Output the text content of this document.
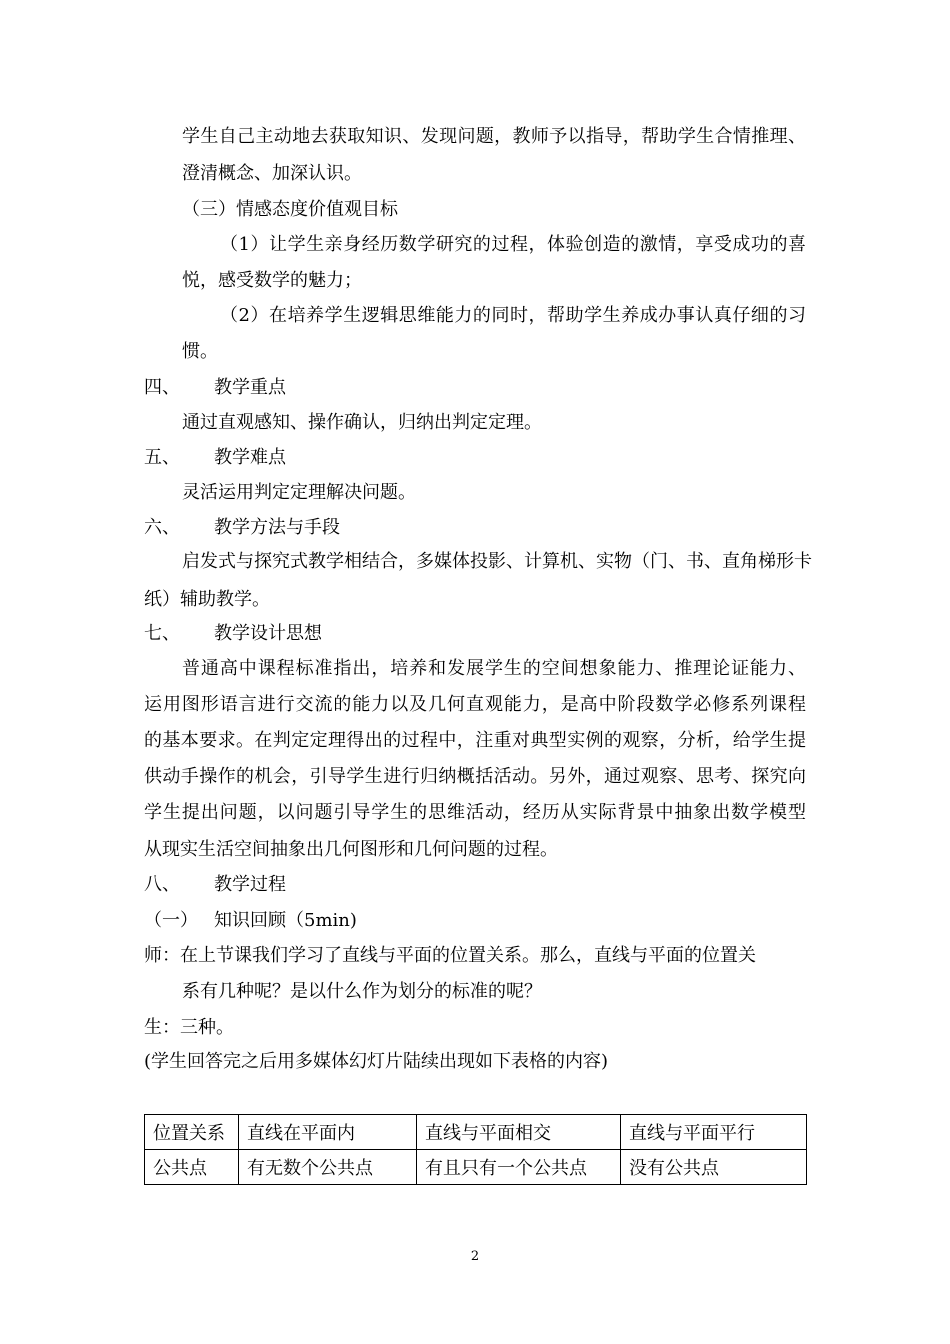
学生自己主动地去获取知识、发现问题，教师予以指导，帮助学生合情推理、
澄清概念、加深认识。
（三）情感态度价值观目标
（1）让学生亲身经历数学研究的过程，体验创造的激情，享受成功的喜
悦，感受数学的魅力；
（2）在培养学生逻辑思维能力的同时，帮助学生养成办事认真仔细的习
惯。
四、 教学重点
通过直观感知、操作确认，归纳出判定定理。
五、 教学难点
灵活运用判定定理解决问题。
六、 教学方法与手段
启发式与探究式教学相结合，多媒体投影、计算机、实物（门、书、直角梯形卡
纸）辅助教学。
七、 教学设计思想
普通高中课程标准指出，培养和发展学生的空间想象能力、推理论证能力、
运用图形语言进行交流的能力以及几何直观能力，是高中阶段数学必修系列课程
的基本要求。在判定定理得出的过程中，注重对典型实例的观察，分析，给学生提
供动手操作的机会，引导学生进行归纳概括活动。另外，通过观察、思考、探究向
学生提出问题，以问题引导学生的思维活动，经历从实际背景中抽象出数学模型
从现实生活空间抽象出几何图形和几何问题的过程。
八、 教学过程
（一） 知识回顾（5min)
师：在上节课我们学习了直线与平面的位置关系。那么，直线与平面的位置关
系有几种呢？是以什么作为划分的标准的呢？
生：三种。
(学生回答完之后用多媒体幻灯片陆续出现如下表格的内容)
位置关系	直线在平面内	直线与平面相交	直线与平面平行
公共点	有无数个公共点	有且只有一个公共点	没有公共点
2
